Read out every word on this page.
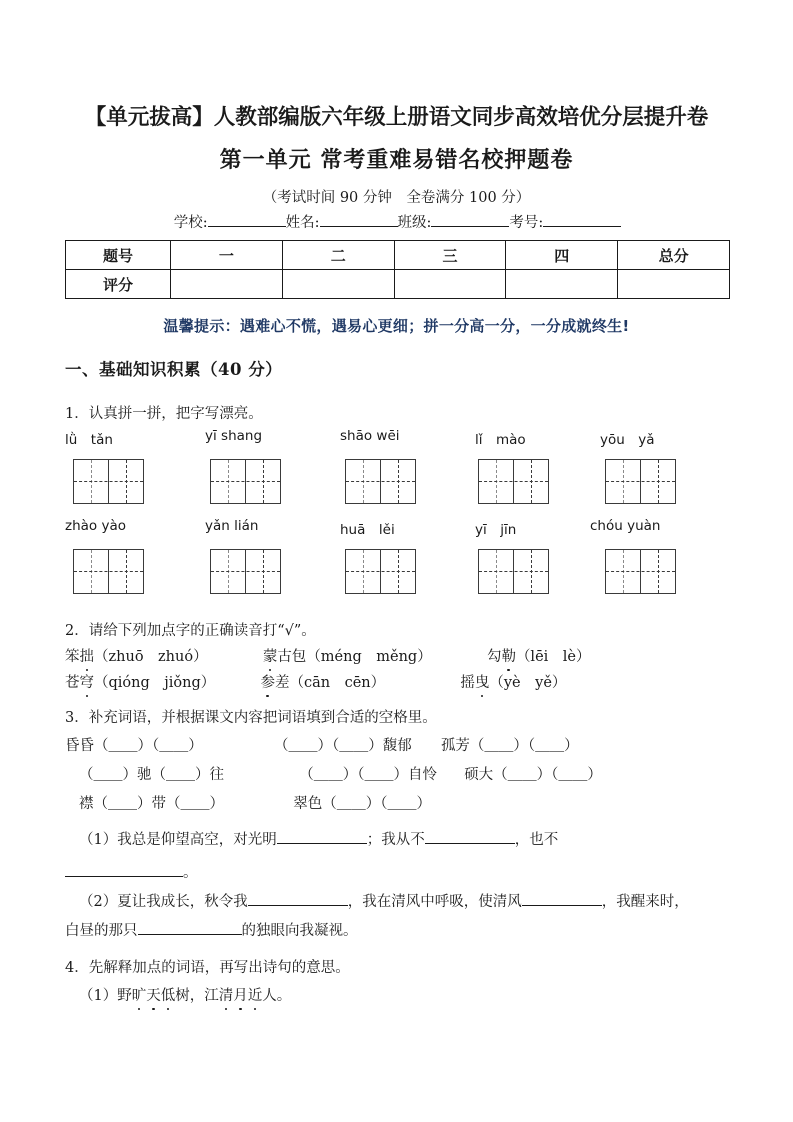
【单元拔高】人教部编版六年级上册语文同步高效培优分层提升卷
第一单元 常考重难易错名校押题卷
（考试时间 90 分钟　全卷满分 100 分）
学校:	姓名:	班级:	考号:
题号	一	二	三	四	总分
评分					
温馨提示：遇难心不慌，遇易心更细；拼一分高一分，一分成就终生!
一、基础知识积累（40 分）
1．认真拼一拼，把字写漂亮。
lǜ　tǎn	yī shang	shāo wēi	lǐ　mào	yōu　yǎ
zhào yào	yǎn lián	huā　lěi	yī　jīn	chóu yuàn
2．请给下列加点字的正确读音打“√”。
笨拙（zhuō　zhuó）	蒙古包（méng　měng）	勾勒（lēi　lè）
苍穹（qióng　jiǒng）	参差（cān　cēn）	摇曳（yè　yě）
3．补充词语，并根据课文内容把词语填到合适的空格里。
昏昏（＿＿）（＿＿）	（＿＿）（＿＿）馥郁 孤芳（＿＿）（＿＿）
（＿＿）驰（＿＿）往	（＿＿）（＿＿）自怜 硕大（＿＿）（＿＿）
襟（＿＿）带（＿＿）	翠色（＿＿）（＿＿）
（1）我总是仰望高空，对光明	；我从不	，也不
。
（2）夏让我成长，秋令我	，我在清风中呼吸，使清风	，我醒来时，
白昼的那只	的独眼向我凝视。
4．先解释加点的词语，再写出诗句的意思。
（1）野旷天低树，江清月近人。
